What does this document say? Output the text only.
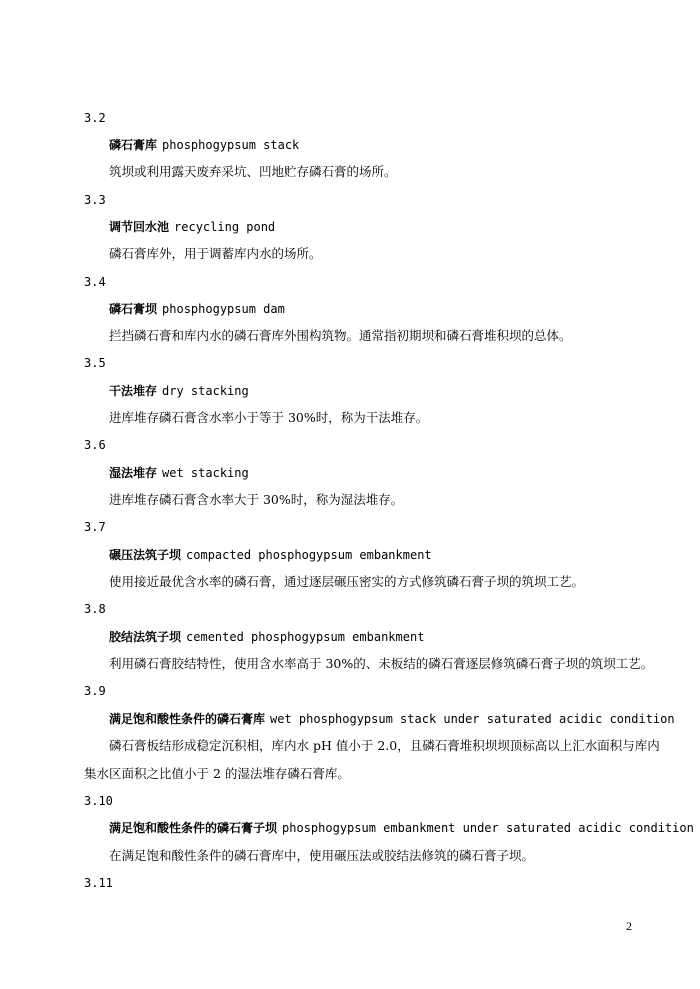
3.2
磷石膏库 phosphogypsum stack
筑坝或利用露天废弃采坑、凹地贮存磷石膏的场所。
3.3
调节回水池 recycling pond
磷石膏库外，用于调蓄库内水的场所。
3.4
磷石膏坝 phosphogypsum dam
拦挡磷石膏和库内水的磷石膏库外围构筑物。通常指初期坝和磷石膏堆积坝的总体。
3.5
干法堆存 dry stacking
进库堆存磷石膏含水率小于等于 30%时，称为干法堆存。
3.6
湿法堆存 wet stacking
进库堆存磷石膏含水率大于 30%时，称为湿法堆存。
3.7
碾压法筑子坝 compacted phosphogypsum embankment
使用接近最优含水率的磷石膏，通过逐层碾压密实的方式修筑磷石膏子坝的筑坝工艺。
3.8
胶结法筑子坝 cemented phosphogypsum embankment
利用磷石膏胶结特性，使用含水率高于 30%的、未板结的磷石膏逐层修筑磷石膏子坝的筑坝工艺。
3.9
满足饱和酸性条件的磷石膏库 wet phosphogypsum stack under saturated acidic condition
磷石膏板结形成稳定沉积相，库内水 pH 值小于 2.0，且磷石膏堆积坝坝顶标高以上汇水面积与库内
集水区面积之比值小于 2 的湿法堆存磷石膏库。
3.10
满足饱和酸性条件的磷石膏子坝 phosphogypsum embankment under saturated acidic condition
在满足饱和酸性条件的磷石膏库中，使用碾压法或胶结法修筑的磷石膏子坝。
3.11
2
